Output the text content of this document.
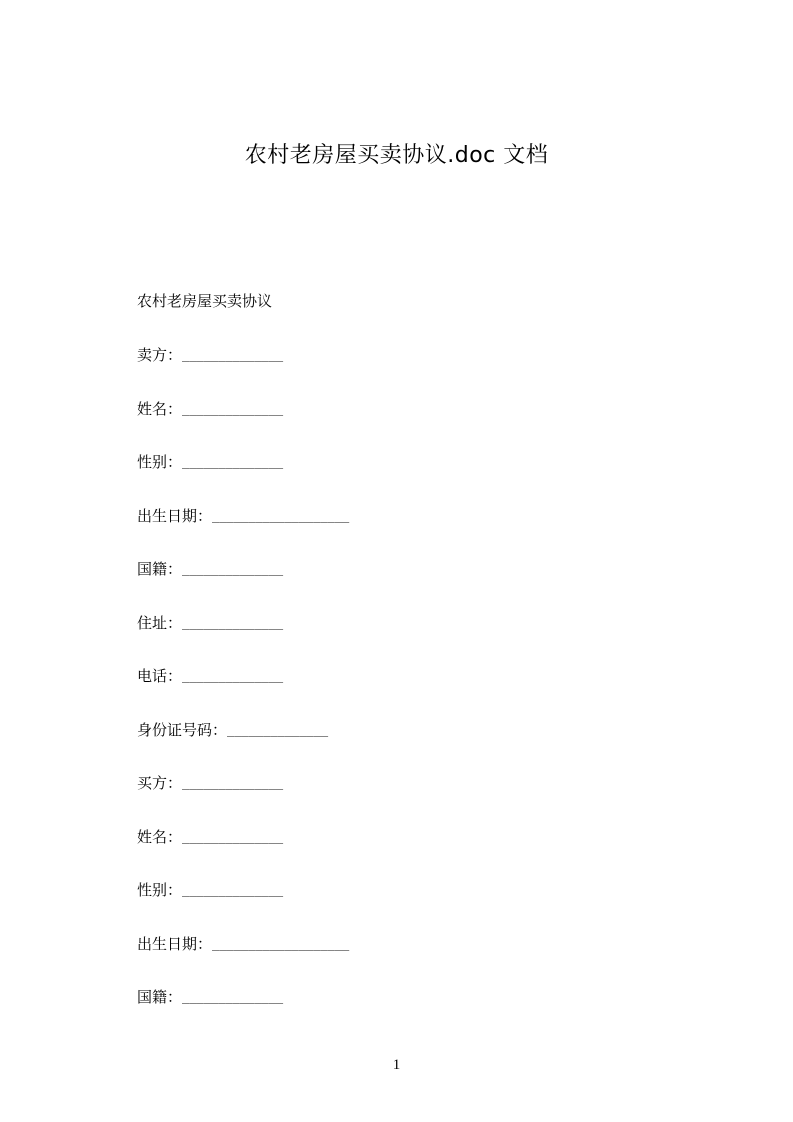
农村老房屋买卖协议.doc 文档
农村老房屋买卖协议
卖方： ______________
姓名： ______________
性别： ______________
出生日期： ___________________
国籍： ______________
住址： ______________
电话： ______________
身份证号码： ______________
买方： ______________
姓名： ______________
性别： ______________
出生日期： ___________________
国籍： ______________
1
